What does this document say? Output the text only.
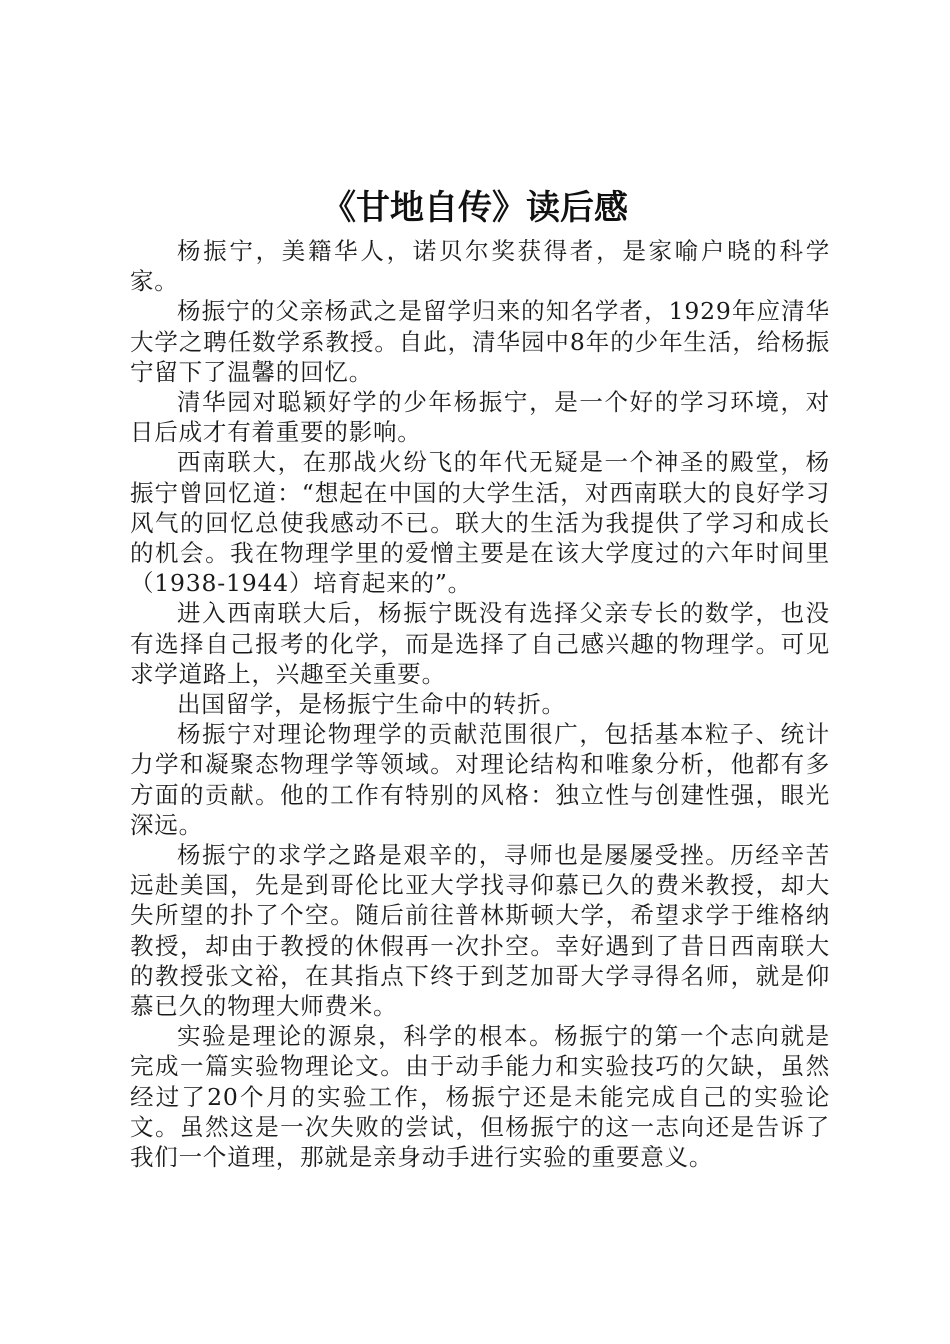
《甘地自传》读后感

杨振宁，美籍华人，诺贝尔奖获得者，是家喻户晓的科学家。

杨振宁的父亲杨武之是留学归来的知名学者，1929年应清华大学之聘任数学系教授。自此，清华园中8年的少年生活，给杨振宁留下了温馨的回忆。

清华园对聪颖好学的少年杨振宁，是一个好的学习环境，对日后成才有着重要的影响。

西南联大，在那战火纷飞的年代无疑是一个神圣的殿堂，杨振宁曾回忆道：“想起在中国的大学生活，对西南联大的良好学习风气的回忆总使我感动不已。联大的生活为我提供了学习和成长的机会。我在物理学里的爱憎主要是在该大学度过的六年时间里（1938-1944）培育起来的”。

进入西南联大后，杨振宁既没有选择父亲专长的数学，也没有选择自己报考的化学，而是选择了自己感兴趣的物理学。可见求学道路上，兴趣至关重要。

出国留学，是杨振宁生命中的转折。

杨振宁对理论物理学的贡献范围很广，包括基本粒子、统计力学和凝聚态物理学等领域。对理论结构和唯象分析，他都有多方面的贡献。他的工作有特别的风格：独立性与创建性强，眼光深远。

杨振宁的求学之路是艰辛的，寻师也是屡屡受挫。历经辛苦远赴美国，先是到哥伦比亚大学找寻仰慕已久的费米教授，却大失所望的扑了个空。随后前往普林斯顿大学，希望求学于维格纳教授，却由于教授的休假再一次扑空。幸好遇到了昔日西南联大的教授张文裕，在其指点下终于到芝加哥大学寻得名师，就是仰慕已久的物理大师费米。

实验是理论的源泉，科学的根本。杨振宁的第一个志向就是完成一篇实验物理论文。由于动手能力和实验技巧的欠缺，虽然经过了20个月的实验工作，杨振宁还是未能完成自己的实验论文。虽然这是一次失败的尝试，但杨振宁的这一志向还是告诉了我们一个道理，那就是亲身动手进行实验的重要意义。
